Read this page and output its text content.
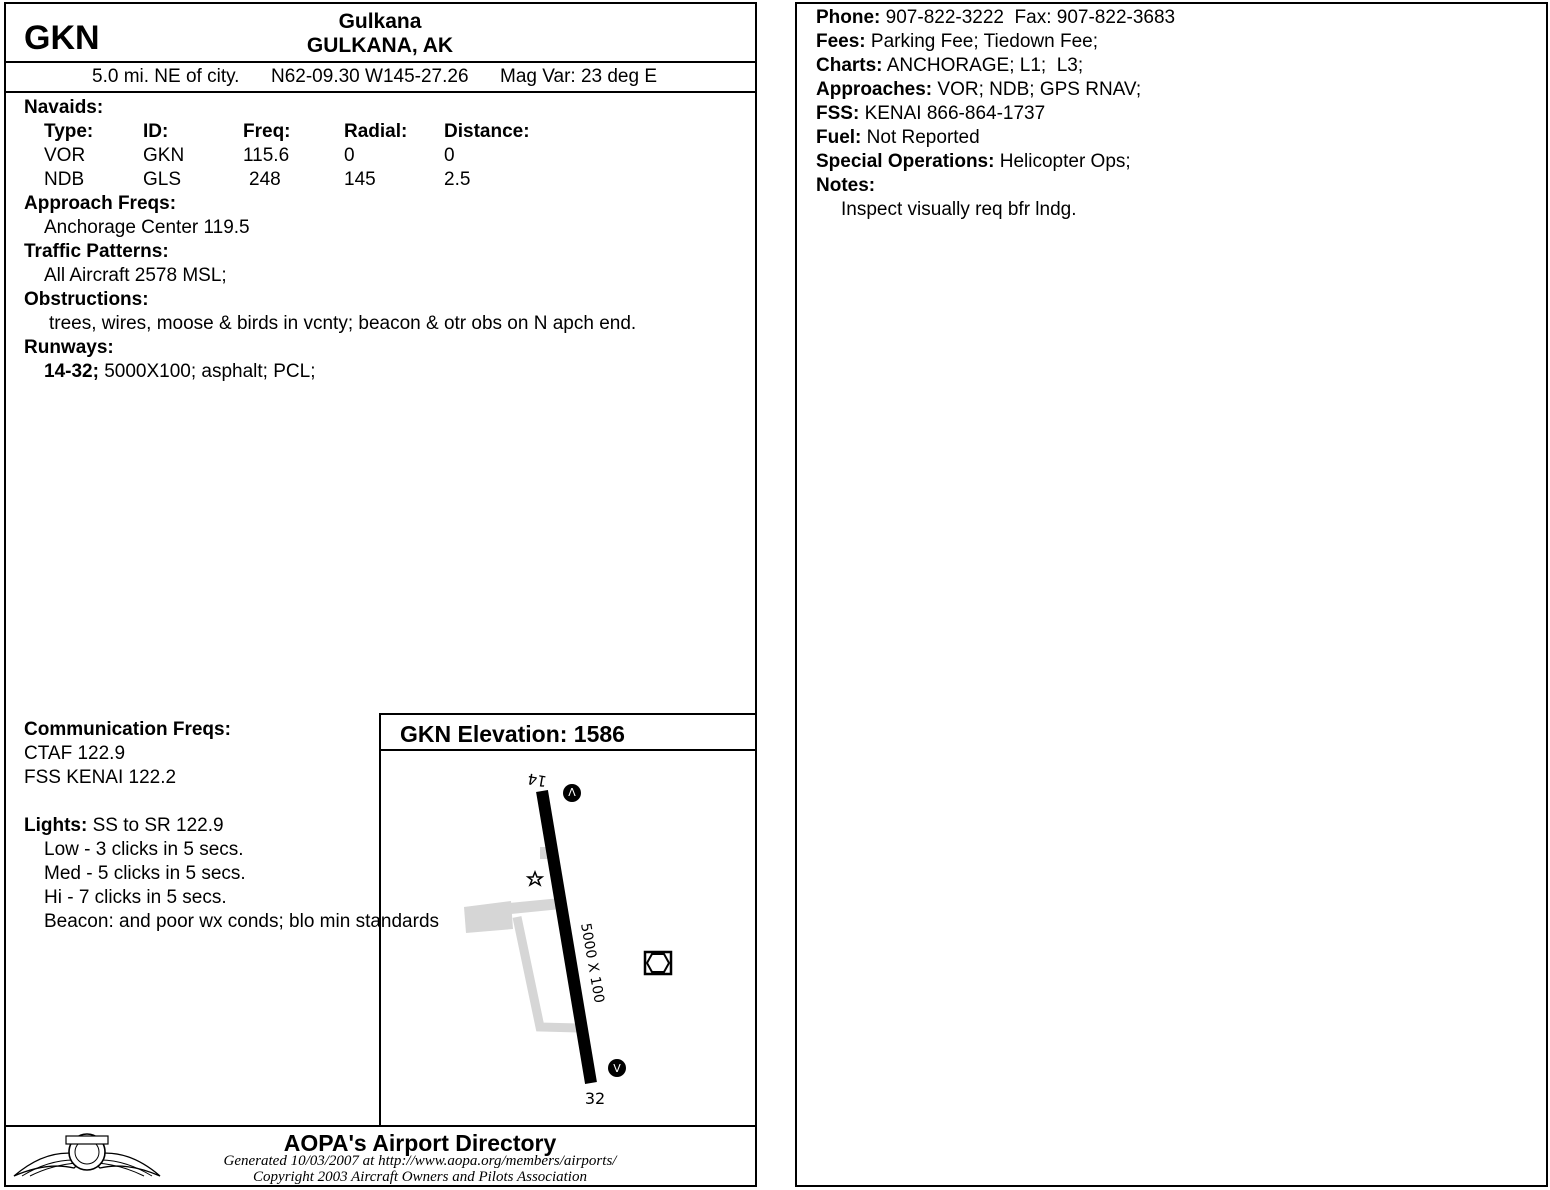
GKN	Gulkana
GULKANA, AK
5.0 mi. NE of city. N62-09.30 W145-27.26 Mag Var: 23 deg E
Navaids:
Type:	ID:	Freq:	Radial: Distance:
VOR	GKN	115.6	0	0
NDB	GLS	248	145	2.5
Approach Freqs:
Anchorage Center 119.5
Traffic Patterns:
All Aircraft 2578 MSL;
Obstructions:
trees, wires, moose & birds in vcnty; beacon & otr obs on N apch end.
Runways:
14-32; 5000X100; asphalt; PCL;
Communication Freqs:
CTAF 122.9
FSS KENAI 122.2
Lights: SS to SR 122.9
Low - 3 clicks in 5 secs.
Med - 5 clicks in 5 secs.
Hi - 7 clicks in 5 secs.
GKN Elevation: 1586
5000 X 100
14
32
V
V
Beacon: and poor wx conds; blo min standards
AOPA's Airport Directory
Generated 10/03/2007 at http://www.aopa.org/members/airports/
Copyright 2003 Aircraft Owners and Pilots Association
Phone: 907-822-3222  Fax: 907-822-3683
Fees: Parking Fee; Tiedown Fee;
Charts: ANCHORAGE; L1;  L3;
Approaches: VOR; NDB; GPS RNAV;
FSS: KENAI 866-864-1737
Fuel: Not Reported
Special Operations: Helicopter Ops;
Notes:
Inspect visually req bfr lndg.
